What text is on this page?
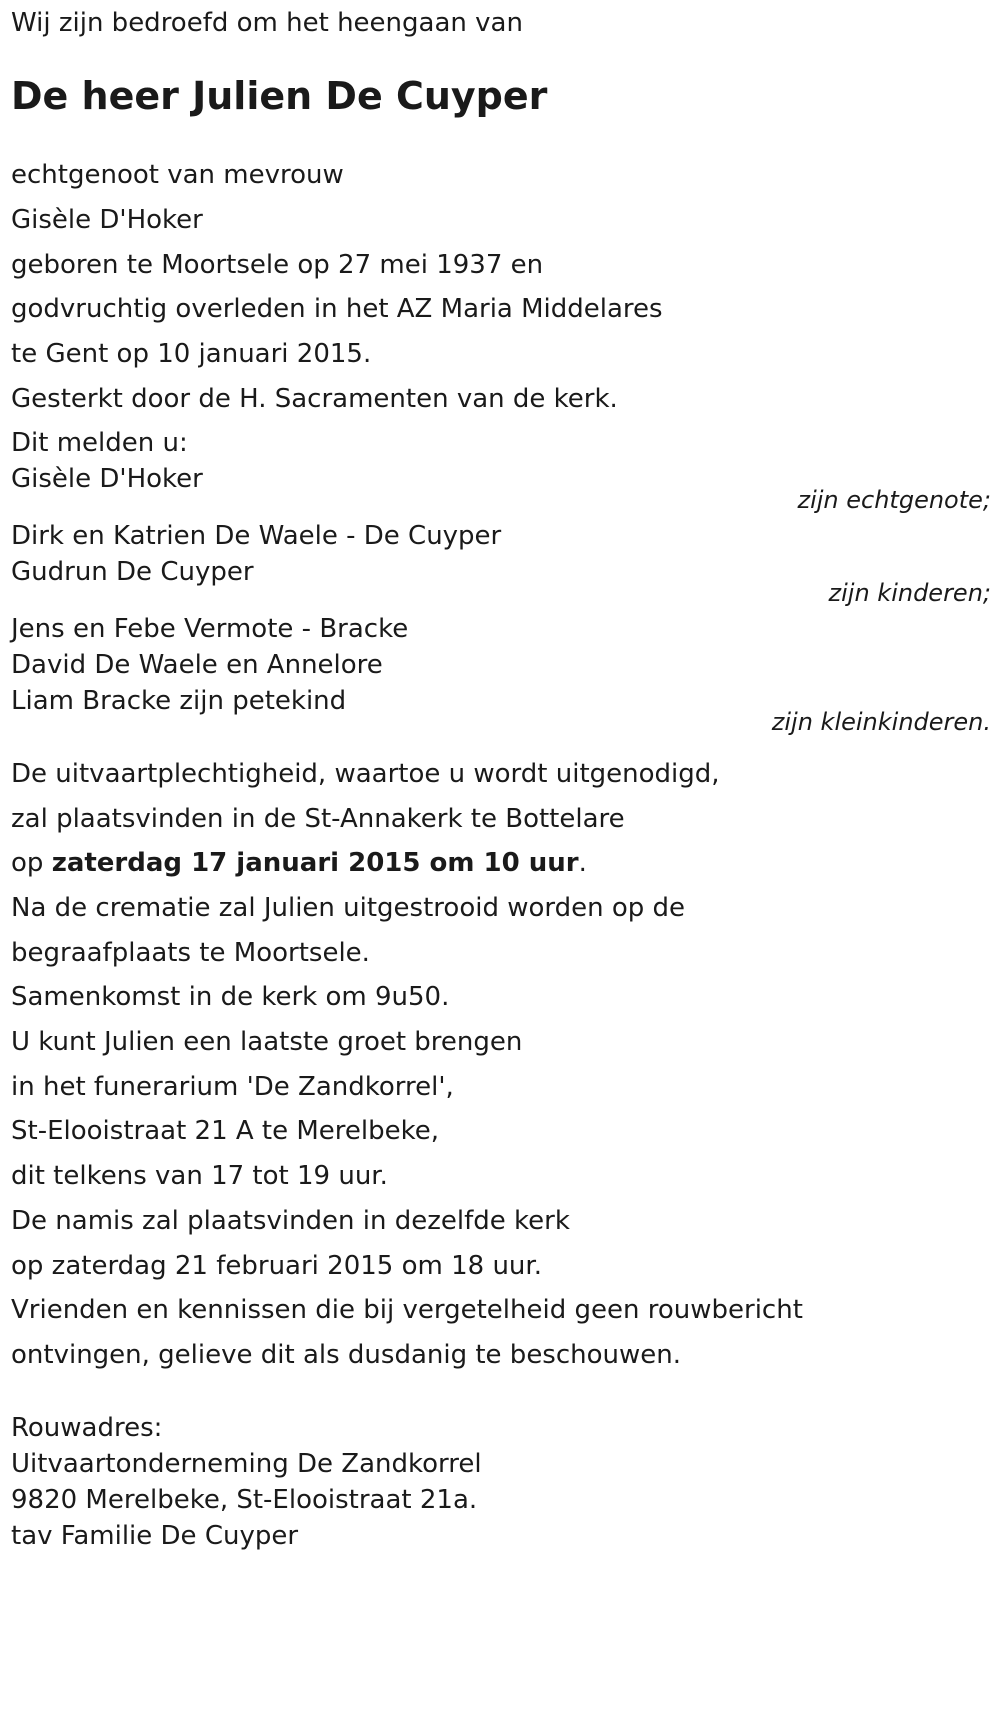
Wij zijn bedroefd om het heengaan van

De heer Julien De Cuyper

echtgenoot van mevrouw

Gisèle D'Hoker

geboren te Moortsele op 27 mei 1937 en

godvruchtig overleden in het AZ Maria Middelares

te Gent op 10 januari 2015.

Gesterkt door de H. Sacramenten van de kerk.

Dit melden u:

Gisèle D'Hoker

zijn echtgenote;

Dirk en Katrien De Waele - De Cuyper

Gudrun De Cuyper

zijn kinderen;

Jens en Febe Vermote - Bracke

David De Waele en Annelore

Liam Bracke zijn petekind

zijn kleinkinderen.

De uitvaartplechtigheid, waartoe u wordt uitgenodigd,

zal plaatsvinden in de St-Annakerk te Bottelare

op zaterdag 17 januari 2015 om 10 uur.

Na de crematie zal Julien uitgestrooid worden op de

begraafplaats te Moortsele.

Samenkomst in de kerk om 9u50.

U kunt Julien een laatste groet brengen

in het funerarium 'De Zandkorrel',

St-Elooistraat 21 A te Merelbeke,

dit telkens van 17 tot 19 uur.

De namis zal plaatsvinden in dezelfde kerk

op zaterdag 21 februari 2015 om 18 uur.

Vrienden en kennissen die bij vergetelheid geen rouwbericht

ontvingen, gelieve dit als dusdanig te beschouwen.

Rouwadres:

Uitvaartonderneming De Zandkorrel

9820 Merelbeke, St-Elooistraat 21a.

tav Familie De Cuyper
